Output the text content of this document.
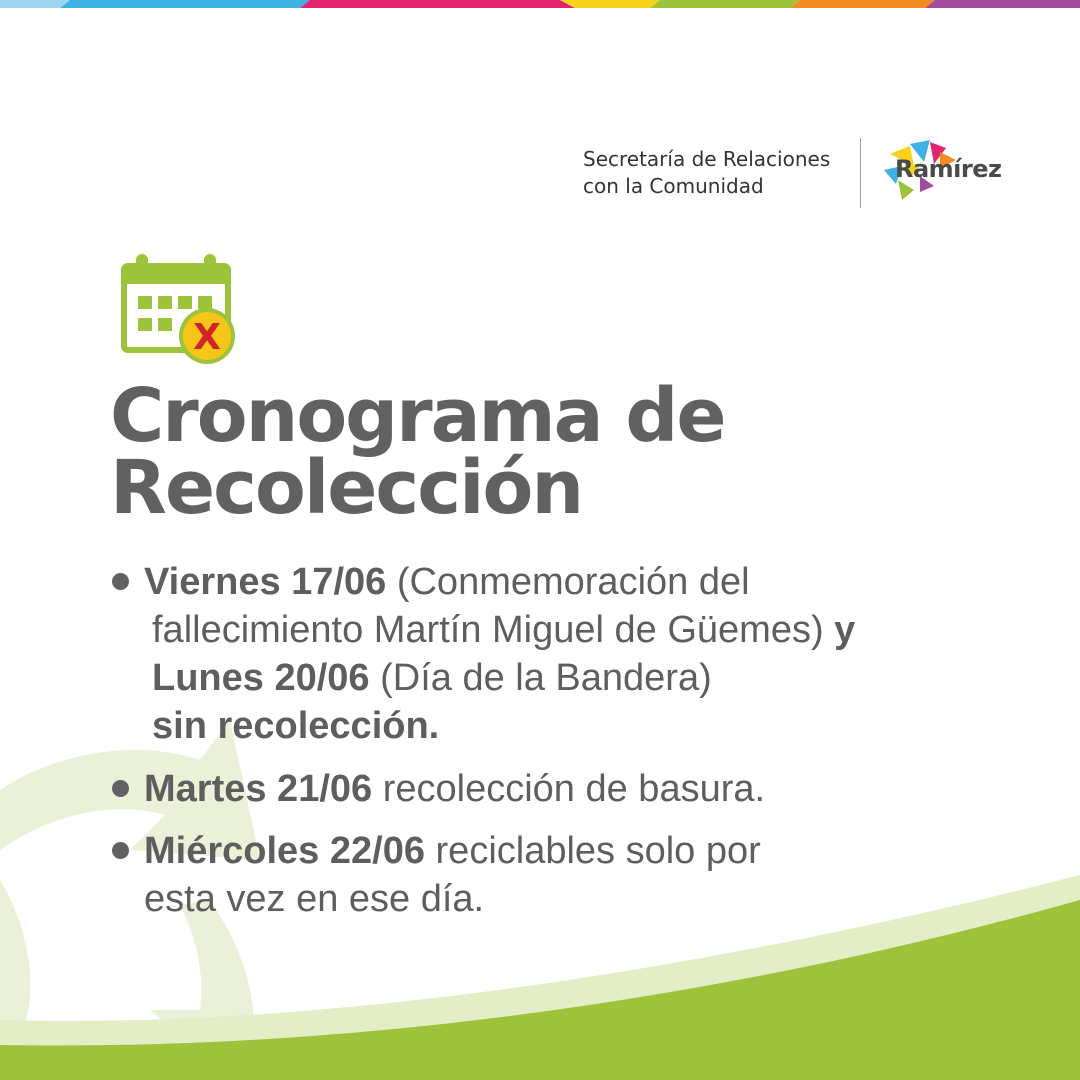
Secretaría de Relaciones
con la Comunidad
Ramírez
X
Cronograma de
Recolección
Viernes 17/06 (Conmemoración del
fallecimiento Martín Miguel de Güemes) y
Lunes 20/06 (Día de la Bandera)
sin recolección.
Martes 21/06 recolección de basura.
Miércoles 22/06 reciclables solo por
esta vez en ese día.
